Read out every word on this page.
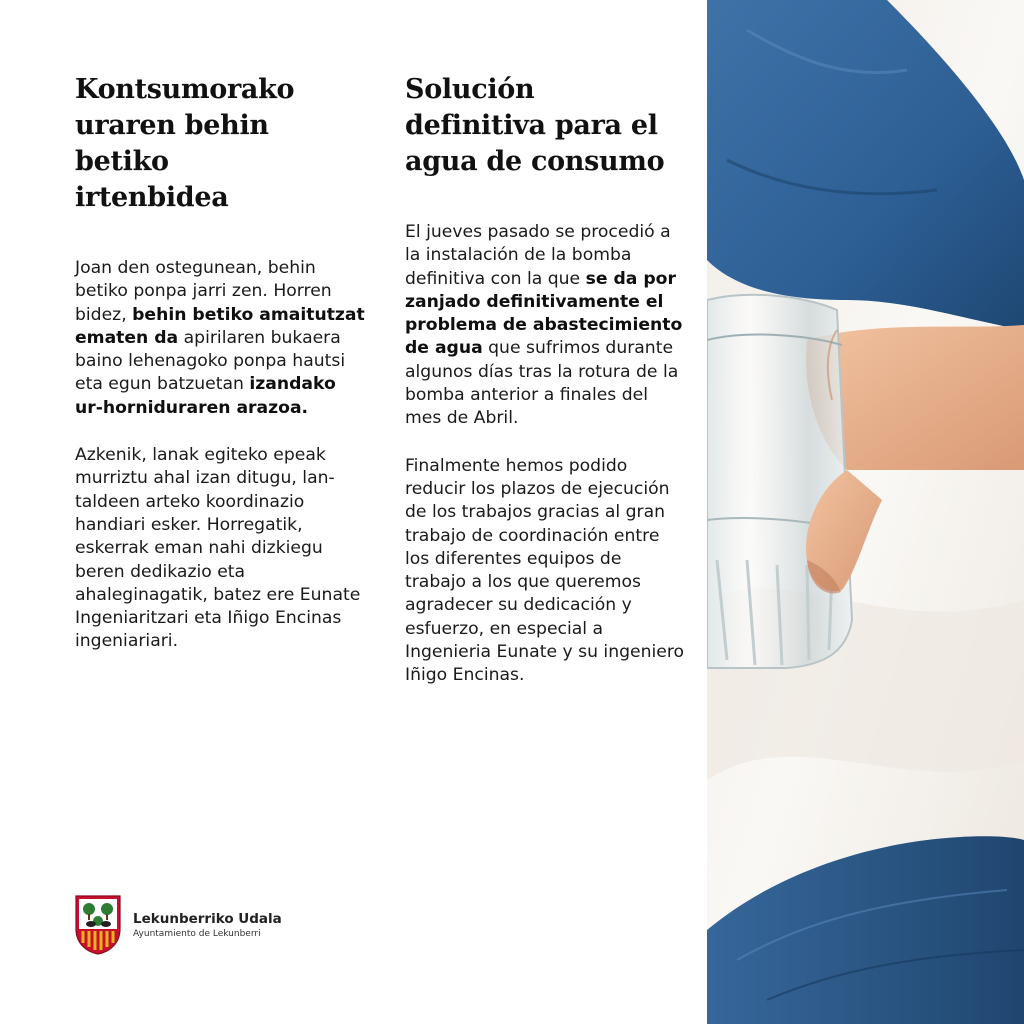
Kontsumorako
uraren behin betiko
irtenbidea

Joan den ostegunean, behin betiko ponpa jarri zen. Horren bidez, behin betiko amaitutzat ematen da apirilaren bukaera baino lehenagoko ponpa hautsi eta egun batzuetan izandako ur-horniduraren arazoa.

Azkenik, lanak egiteko epeak murriztu ahal izan ditugu, lan-taldeen arteko koordinazio handiari esker. Horregatik, eskerrak eman nahi dizkiegu beren dedikazio eta ahaleginagatik, batez ere Eunate Ingeniaritzari eta Iñigo Encinas ingeniariari.

Solución
definitiva para el
agua de consumo

El jueves pasado se procedió a la instalación de la bomba definitiva con la que se da por zanjado definitivamente el problema de abastecimiento de agua que sufrimos durante algunos días tras la rotura de la bomba anterior a finales del mes de Abril.

Finalmente hemos podido reducir los plazos de ejecución de los trabajos gracias al gran trabajo de coordinación entre los diferentes equipos de trabajo a los que queremos agradecer su dedicación y esfuerzo, en especial a Ingenieria Eunate y su ingeniero Iñigo Encinas.

Lekunberriko Udala
Ayuntamiento de Lekunberri
